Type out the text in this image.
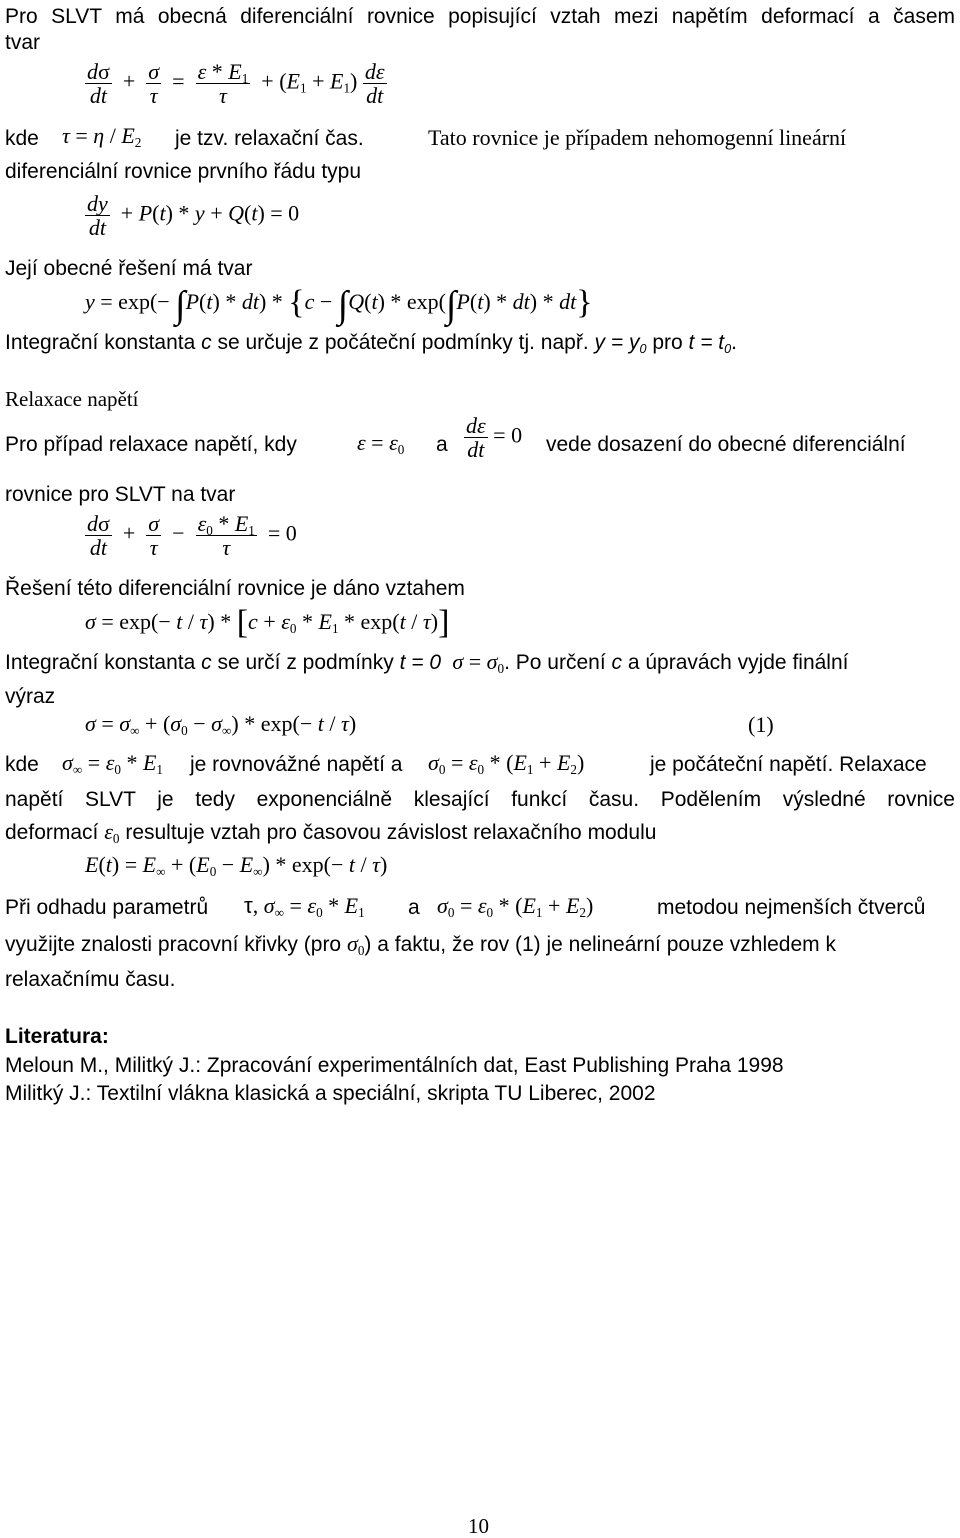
Pro SLVT má obecná diferenciální rovnice popisující vztah mezi napětím deformací a časem
tvar
$\frac{d\sigma}{dt} + \frac{\sigma}{\tau} = \frac{\varepsilon * E_1}{\tau} + (E_1 + E_1) \frac{d\varepsilon}{dt}$
kde $\tau = \eta / E_2$ je tzv. relaxační čas.	Tato rovnice je případem nehomogenní lineární
diferenciální rovnice prvního řádu typu
$\frac{dy}{dt} + P(t) * y + Q(t) = 0$
Její obecné řešení má tvar
y = exp(− ∫P(t) * dt) * {c − ∫Q(t) * exp(∫P(t) * dt) * dt}
Integrační konstanta c se určuje z počáteční podmínky tj. např. $y = y_0$ pro $t = t_0$.
Relaxace napětí
Pro případ relaxace napětí, kdy	$\varepsilon = \varepsilon_0$ a $\frac{d\varepsilon}{dt} = 0$ vede dosazení do obecné diferenciální
rovnice pro SLVT na tvar
$\frac{d\sigma}{dt} + \frac{\sigma}{\tau} - \frac{\varepsilon_0 * E_1}{\tau} = 0$
Řešení této diferenciální rovnice je dáno vztahem
$\sigma = \exp(- t / \tau) * [c + \varepsilon_0 * E_1 * \exp(t / \tau)]$
Integrační konstanta c se určí z podmínky t = 0 $\sigma = \sigma_0$. Po určení c a úpravách vyjde finální
výraz
$\sigma = \sigma_\infty + (\sigma_0 - \sigma_\infty) * \exp(- t / \tau)$	(1)
kde $\sigma_\infty = \varepsilon_0 * E_1$ je rovnovážné napětí a $\sigma_0 = \varepsilon_0 * (E_1 + E_2)$	je počáteční napětí. Relaxace
napětí SLVT je tedy exponenciálně klesající funkcí času. Podělením výsledné rovnice
deformací $\varepsilon_0$ resultuje vztah pro časovou závislost relaxačního modulu
$E(t) = E_\infty + (E_0 - E_\infty) * \exp(- t / \tau)$
Při odhadu parametrů τ, $\sigma_\infty = \varepsilon_0 * E_1$ a $\sigma_0 = \varepsilon_0 * (E_1 + E_2)$	metodou nejmenších čtverců
využijte znalosti pracovní křivky (pro $\sigma_0$) a faktu, že rov (1) je nelineární pouze vzhledem k
relaxačnímu času.
Literatura:
Meloun M., Militký J.: Zpracování experimentálních dat, East Publishing Praha 1998
Militký J.: Textilní vlákna klasická a speciální, skripta TU Liberec, 2002
10
